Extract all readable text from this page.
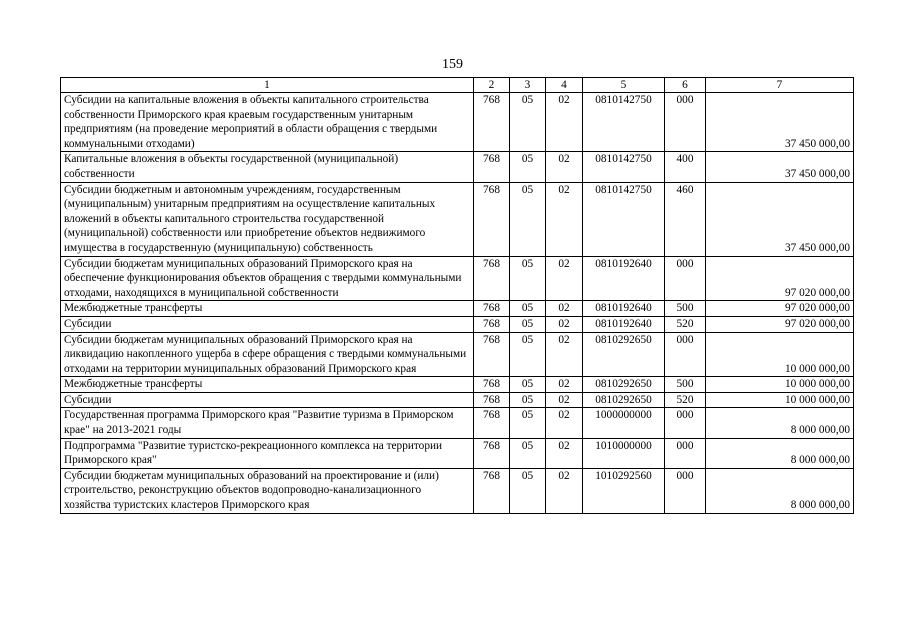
159
1	2	3	4	5	6	7
Субсидии на капитальные вложения в объекты капитального строительства собственности Приморского края краевым государственным унитарным предприятиям (на проведение мероприятий в области обращения с твердыми коммунальными отходами)	768	05	02	0810142750	000	37 450 000,00
Капитальные вложения в объекты государственной (муниципальной) собственности	768	05	02	0810142750	400	37 450 000,00
Субсидии бюджетным и автономным учреждениям, государственным (муниципальным) унитарным предприятиям на осуществление капитальных вложений в объекты капитального строительства государственной (муниципальной) собственности или приобретение объектов недвижимого имущества в государственную (муниципальную) собственность	768	05	02	0810142750	460	37 450 000,00
Субсидии бюджетам муниципальных образований Приморского края на обеспечение функционирования объектов обращения с твердыми коммунальными отходами, находящихся в муниципальной собственности	768	05	02	0810192640	000	97 020 000,00
Межбюджетные трансферты	768	05	02	0810192640	500	97 020 000,00
Субсидии	768	05	02	0810192640	520	97 020 000,00
Субсидии бюджетам муниципальных образований Приморского края на ликвидацию накопленного ущерба в сфере обращения с твердыми коммунальными отходами на территории муниципальных образований Приморского края	768	05	02	0810292650	000	10 000 000,00
Межбюджетные трансферты	768	05	02	0810292650	500	10 000 000,00
Субсидии	768	05	02	0810292650	520	10 000 000,00
Государственная программа Приморского края "Развитие туризма в Приморском крае" на 2013-2021 годы	768	05	02	1000000000	000	8 000 000,00
Подпрограмма "Развитие туристско-рекреационного комплекса на территории Приморского края"	768	05	02	1010000000	000	8 000 000,00
Субсидии бюджетам муниципальных образований на проектирование и (или) строительство, реконструкцию объектов водопроводно-канализационного хозяйства туристских кластеров Приморского края	768	05	02	1010292560	000	8 000 000,00
